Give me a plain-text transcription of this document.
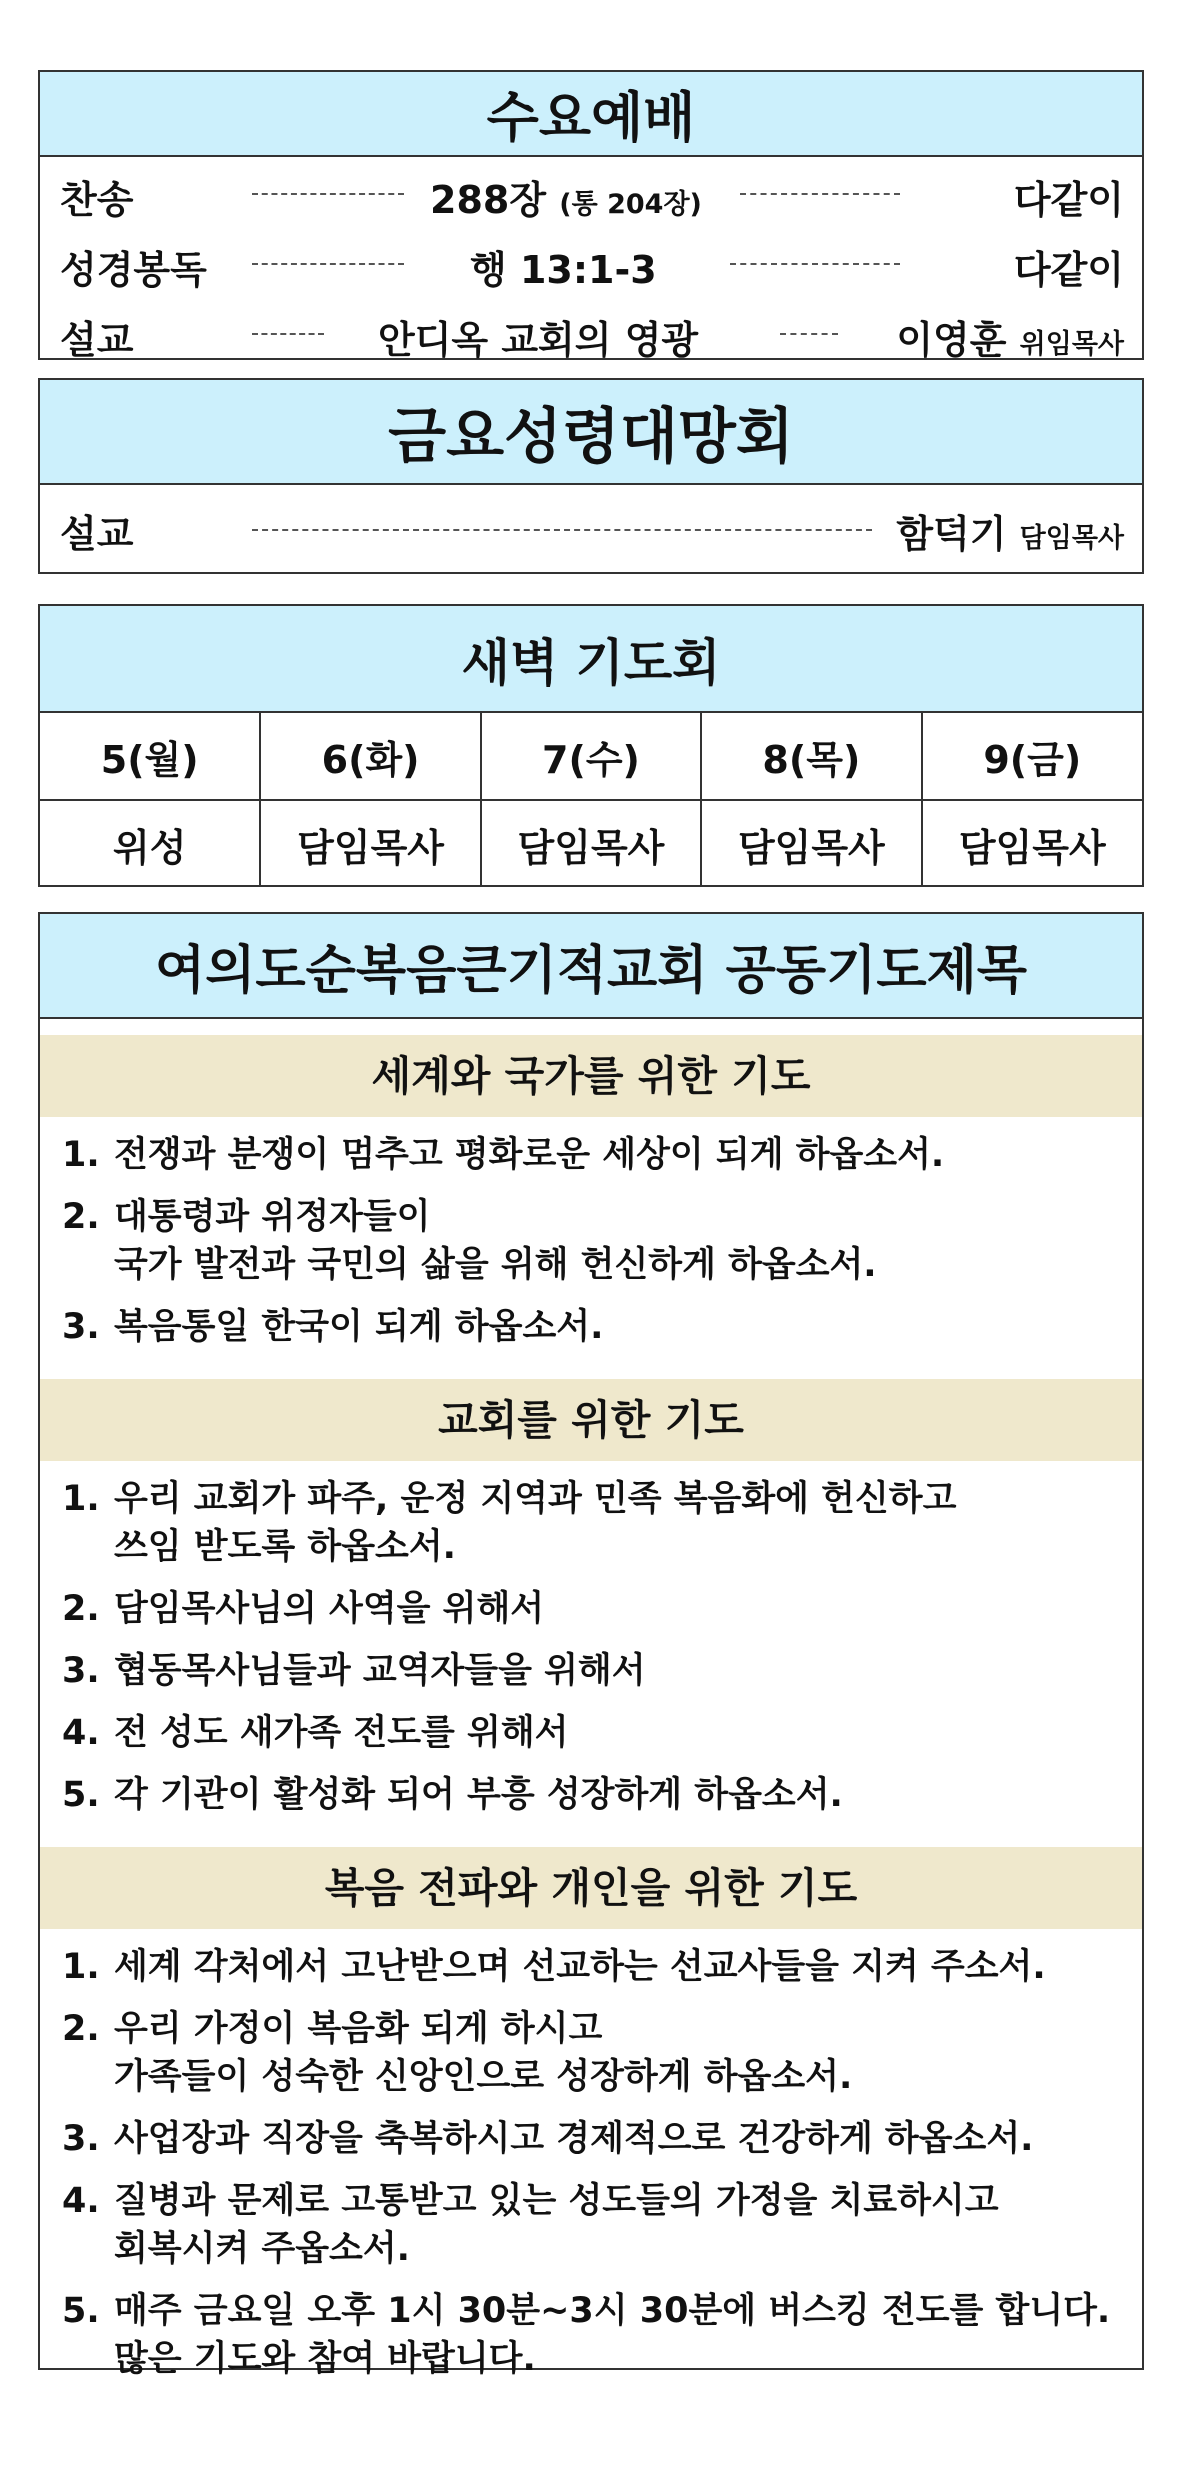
수요예배
찬송	288장 (통 204장)	다같이
성경봉독	행 13:1-3	다같이
설교	안디옥 교회의 영광	이영훈 위임목사
금요성령대망회
설교	함덕기 담임목사
새벽 기도회
5(월)	6(화)	7(수)	8(목)	9(금)
위성	담임목사	담임목사	담임목사	담임목사
여의도순복음큰기적교회 공동기도제목
세계와 국가를 위한 기도
1. 전쟁과 분쟁이 멈추고 평화로운 세상이 되게 하옵소서.
2. 대통령과 위정자들이
국가 발전과 국민의 삶을 위해 헌신하게 하옵소서.
3. 복음통일 한국이 되게 하옵소서.
교회를 위한 기도
1. 우리 교회가 파주, 운정 지역과 민족 복음화에 헌신하고
쓰임 받도록 하옵소서.
2. 담임목사님의 사역을 위해서
3. 협동목사님들과 교역자들을 위해서
4. 전 성도 새가족 전도를 위해서
5. 각 기관이 활성화 되어 부흥 성장하게 하옵소서.
복음 전파와 개인을 위한 기도
1. 세계 각처에서 고난받으며 선교하는 선교사들을 지켜 주소서.
2. 우리 가정이 복음화 되게 하시고
가족들이 성숙한 신앙인으로 성장하게 하옵소서.
3. 사업장과 직장을 축복하시고 경제적으로 건강하게 하옵소서.
4. 질병과 문제로 고통받고 있는 성도들의 가정을 치료하시고
회복시켜 주옵소서.
5. 매주 금요일 오후 1시 30분~3시 30분에 버스킹 전도를 합니다.
많은 기도와 참여 바랍니다.
